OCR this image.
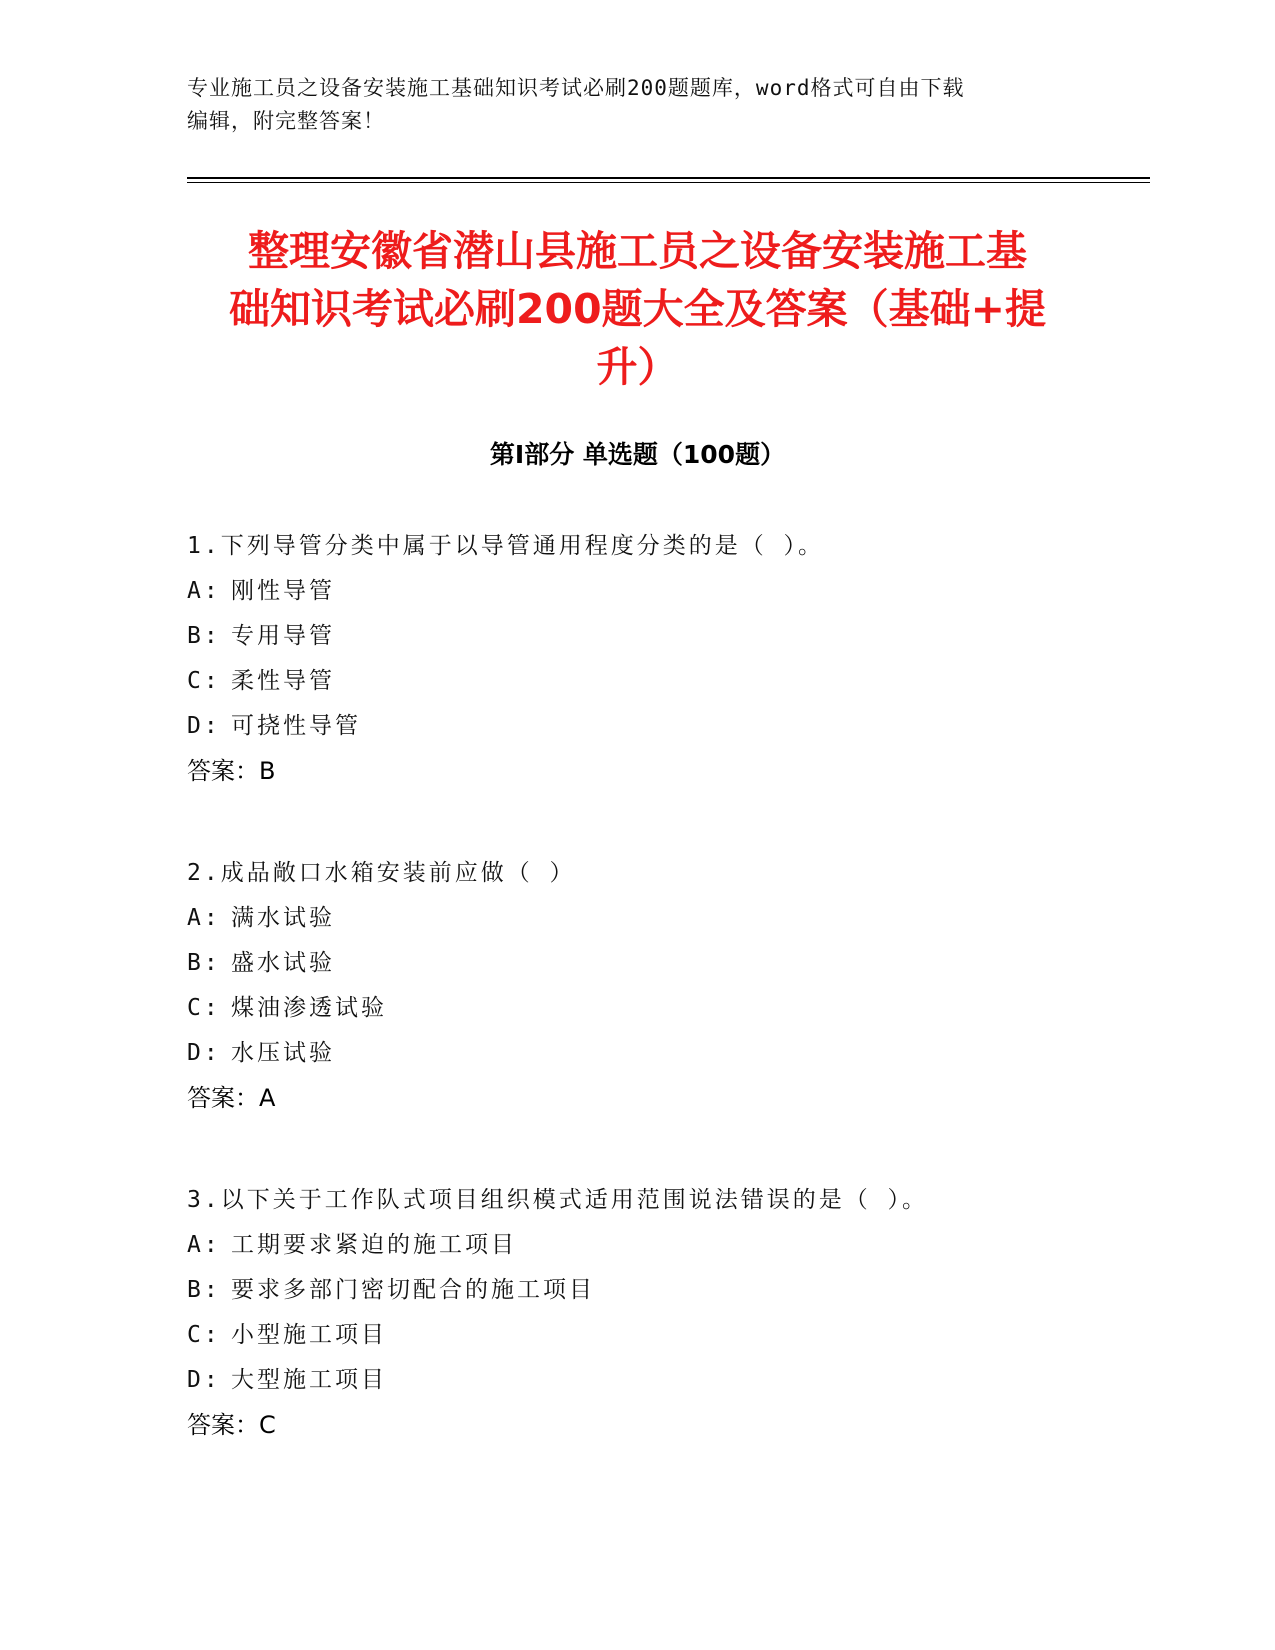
专业施工员之设备安装施工基础知识考试必刷200题题库，word格式可自由下载
编辑，附完整答案！
整理安徽省潜山县施工员之设备安装施工基
础知识考试必刷200题大全及答案（基础+提
升）
第Ⅰ部分 单选题（100题）
1.下列导管分类中属于以导管通用程度分类的是（ ）。
A: 刚性导管
B: 专用导管
C: 柔性导管
D: 可挠性导管
答案：B
2.成品敞口水箱安装前应做（ ）
A: 满水试验
B: 盛水试验
C: 煤油渗透试验
D: 水压试验
答案：A
3.以下关于工作队式项目组织模式适用范围说法错误的是（ ）。
A: 工期要求紧迫的施工项目
B: 要求多部门密切配合的施工项目
C: 小型施工项目
D: 大型施工项目
答案：C
